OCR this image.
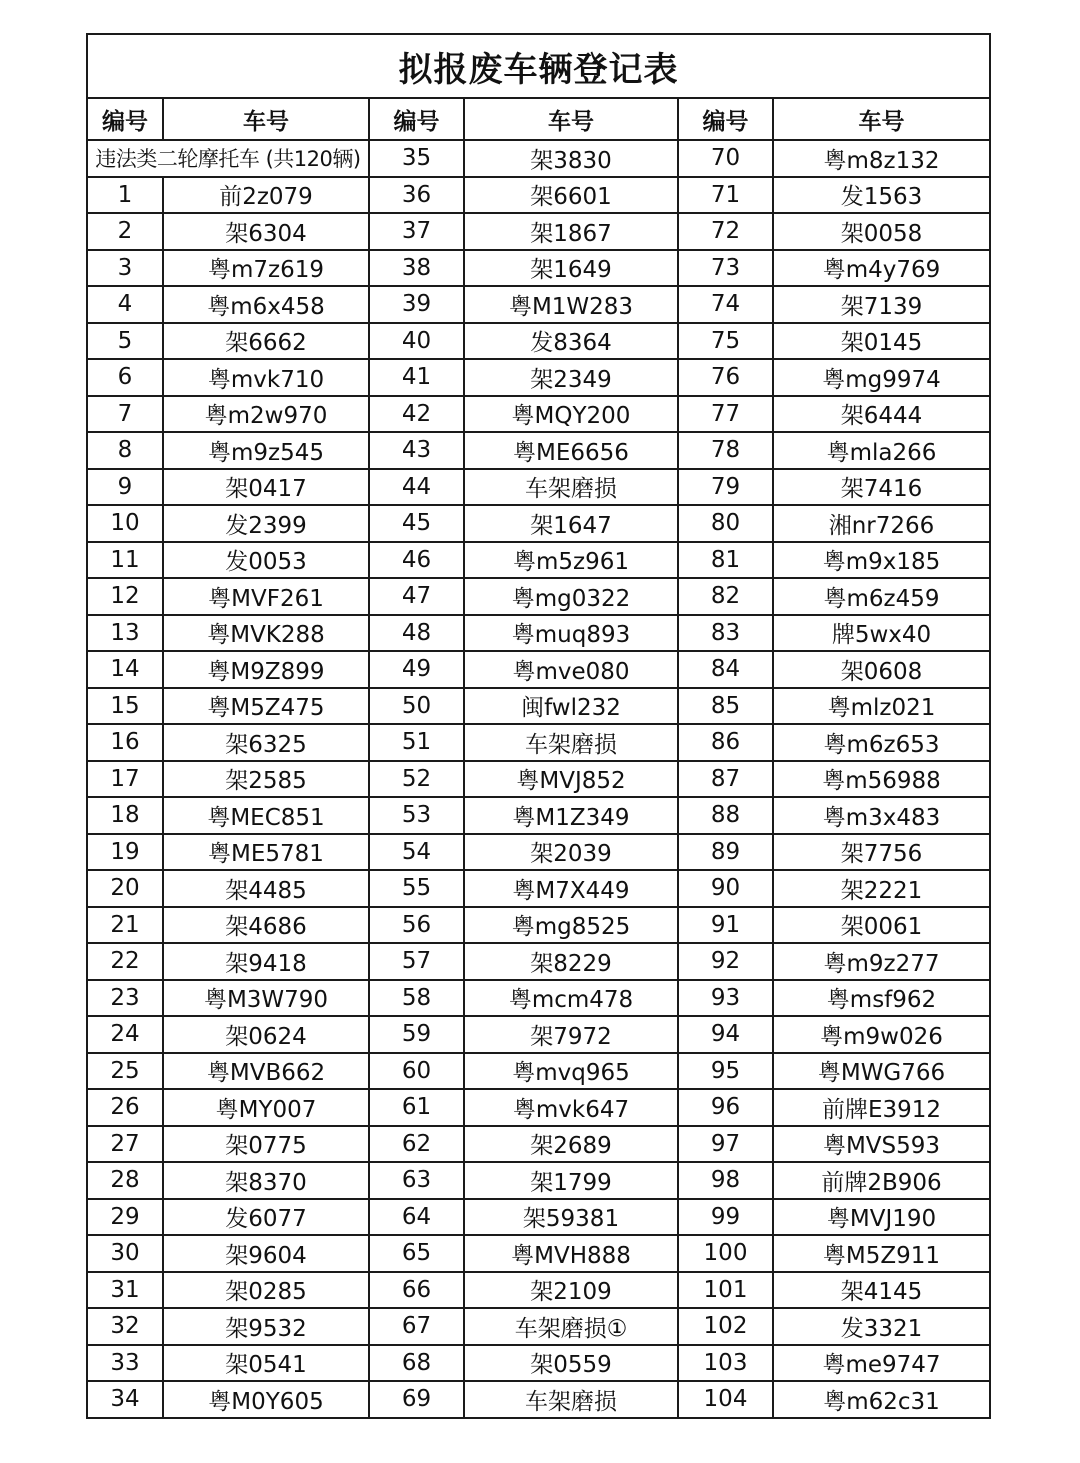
拟报废车辆登记表					
编号	车号	编号	车号	编号	车号
违法类二轮摩托车 (共120辆)		35	架3830	70	粤m8z132
1	前2z079	36	架6601	71	发1563
2	架6304	37	架1867	72	架0058
3	粤m7z619	38	架1649	73	粤m4y769
4	粤m6x458	39	粤M1W283	74	架7139
5	架6662	40	发8364	75	架0145
6	粤mvk710	41	架2349	76	粤mg9974
7	粤m2w970	42	粤MQY200	77	架6444
8	粤m9z545	43	粤ME6656	78	粤mla266
9	架0417	44	车架磨损	79	架7416
10	发2399	45	架1647	80	湘nr7266
11	发0053	46	粤m5z961	81	粤m9x185
12	粤MVF261	47	粤mg0322	82	粤m6z459
13	粤MVK288	48	粤muq893	83	牌5wx40
14	粤M9Z899	49	粤mve080	84	架0608
15	粤M5Z475	50	闽fwl232	85	粤mlz021
16	架6325	51	车架磨损	86	粤m6z653
17	架2585	52	粤MVJ852	87	粤m56988
18	粤MEC851	53	粤M1Z349	88	粤m3x483
19	粤ME5781	54	架2039	89	架7756
20	架4485	55	粤M7X449	90	架2221
21	架4686	56	粤mg8525	91	架0061
22	架9418	57	架8229	92	粤m9z277
23	粤M3W790	58	粤mcm478	93	粤msf962
24	架0624	59	架7972	94	粤m9w026
25	粤MVB662	60	粤mvq965	95	粤MWG766
26	粤MY007	61	粤mvk647	96	前牌E3912
27	架0775	62	架2689	97	粤MVS593
28	架8370	63	架1799	98	前牌2B906
29	发6077	64	架59381	99	粤MVJ190
30	架9604	65	粤MVH888	100	粤M5Z911
31	架0285	66	架2109	101	架4145
32	架9532	67	车架磨损①	102	发3321
33	架0541	68	架0559	103	粤me9747
34	粤M0Y605	69	车架磨损	104	粤m62c31
